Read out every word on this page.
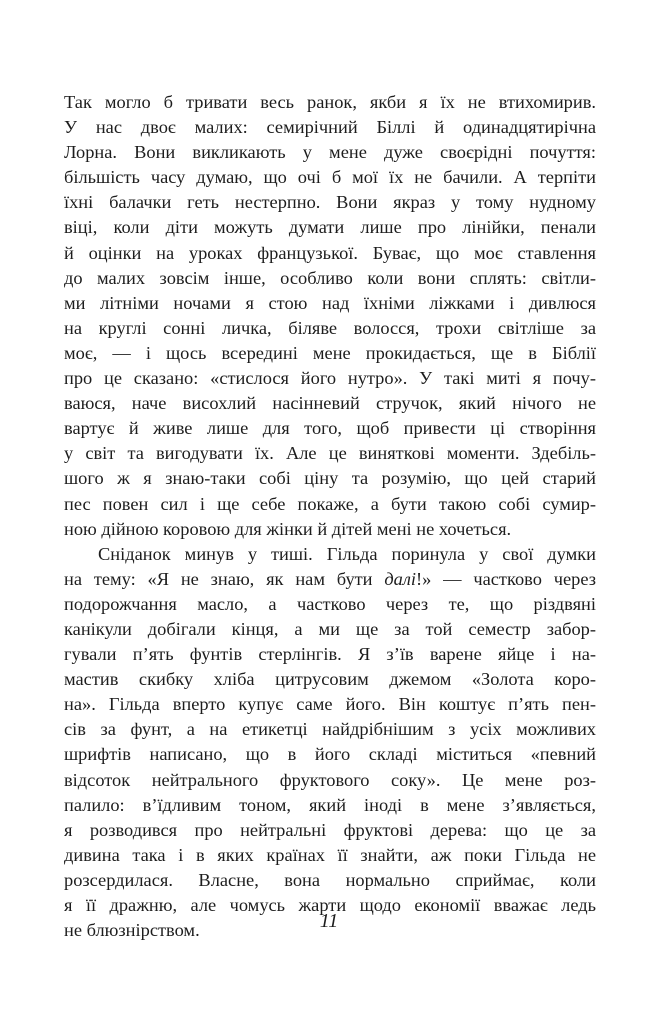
Так могло б тривати весь ранок, якби я їх не втихомирив.
У нас двоє малих: семирічний Біллі й одинадцятирічна
Лорна. Вони викликають у мене дуже своєрідні почуття:
більшість часу думаю, що очі б мої їх не бачили. А терпіти
їхні балачки геть нестерпно. Вони якраз у тому нудному
віці, коли діти можуть думати лише про лінійки, пенали
й оцінки на уроках французької. Буває, що моє ставлення
до малих зовсім інше, особливо коли вони сплять: світли-
ми літніми ночами я стою над їхніми ліжками і дивлюся
на круглі сонні личка, біляве волосся, трохи світліше за
моє, — і щось всередині мене прокидається, ще в Біблії
про це сказано: «стислося його нутро». У такі миті я почу-
ваюся, наче висохлий насінневий стручок, який нічого не
вартує й живе лише для того, щоб привести ці створіння
у світ та вигодувати їх. Але це виняткові моменти. Здебіль-
шого ж я знаю-таки собі ціну та розумію, що цей старий
пес повен сил і ще себе покаже, а бути такою собі сумир-
ною дійною коровою для жінки й дітей мені не хочеться.
Сніданок минув у тиші. Гільда поринула у свої думки
на тему: «Я не знаю, як нам бути далі!» — частково через
подорожчання масло, а частково через те, що різдвяні
канікули добігали кінця, а ми ще за той семестр забор-
гували п’ять фунтів стерлінгів. Я з’їв варене яйце і на-
мастив скибку хліба цитрусовим джемом «Золота коро-
на». Гільда вперто купує саме його. Він коштує п’ять пен-
сів за фунт, а на етикетці найдрібнішим з усіх можливих
шрифтів написано, що в його складі міститься «певний
відсоток нейтрального фруктового соку». Це мене роз-
палило: в’їдливим тоном, який іноді в мене з’являється,
я розводився про нейтральні фруктові дерева: що це за
дивина така і в яких країнах її знайти, аж поки Гільда не
розсердилася. Власне, вона нормально сприймає, коли
я її дражню, але чомусь жарти щодо економії вважає ледь
не блюзнірством.	11
